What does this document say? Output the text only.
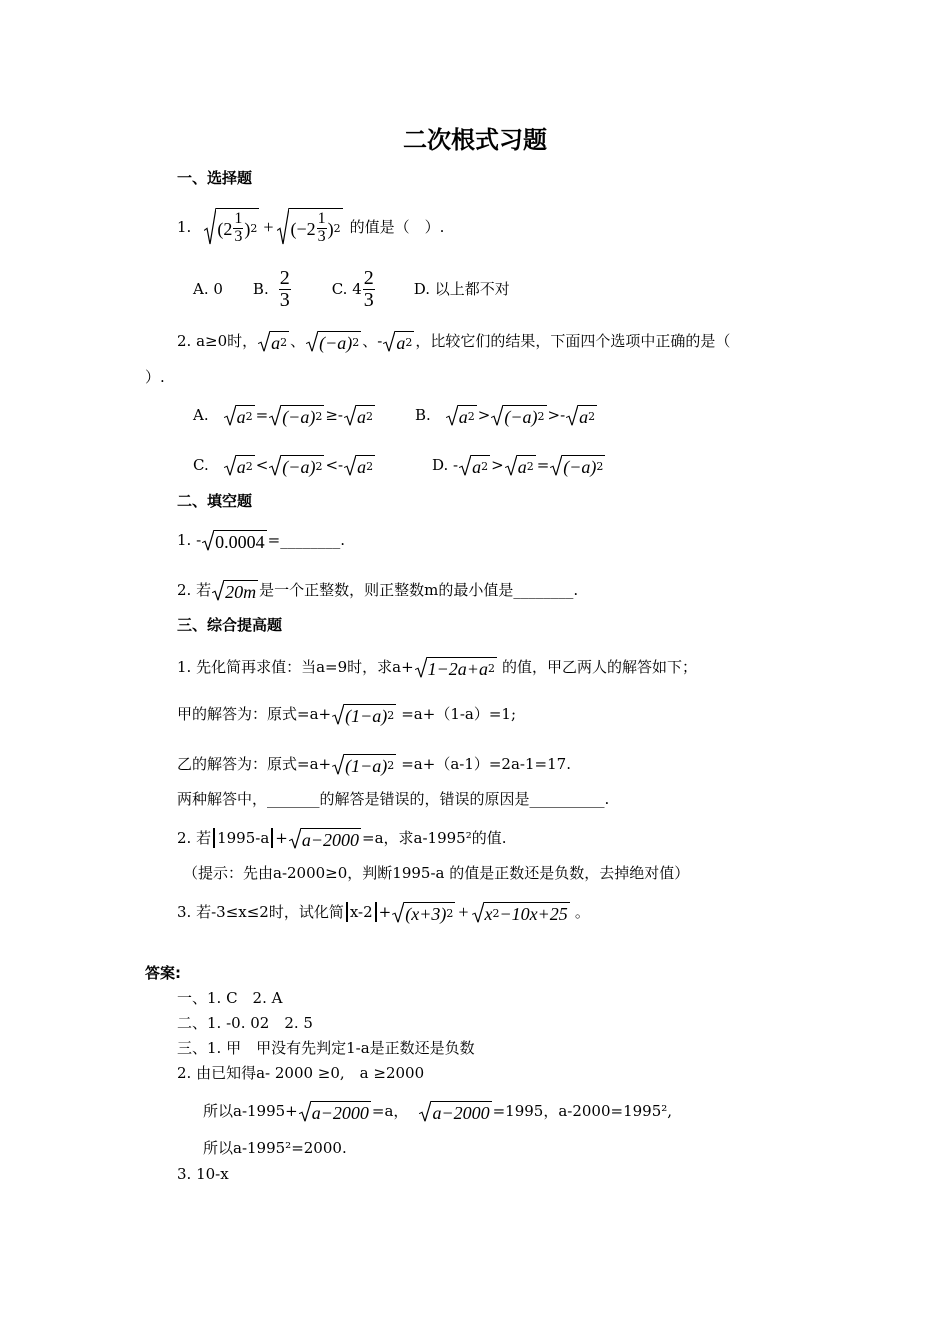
二次根式习题
一、选择题
1. ( $2 \frac{1}{3}$ ) 2 + ( $-2 \frac{1}{3}$ ) 2 的值是（　）.
A. 0 B. $\frac{2}{3}$	C. $4 \frac{2}{3}$	D. 以上都不对
2. a≥0时， a 2 、 (−a) 2 、- a 2 ，比较它们的结果，下面四个选项中正确的是（
）.
A. a 2 = (−a) 2 ≥- a 2	B. a 2 > (−a) 2 >- a 2
C. a 2 < (−a) 2 <- a 2	D. - a 2 > a 2 = (−a) 2
二、填空题
1. - 0.0004 =________.
2. 若 20m 是一个正整数，则正整数m的最小值是________.
三、综合提高题
1. 先化简再求值：当a=9时，求a+ 1−2a+a 2 的值，甲乙两人的解答如下；
甲的解答为：原式=a+ (1−a) 2 =a+（1-a）=1;
乙的解答为：原式=a+ (1−a) 2 =a+（a-1）=2a-1=17.
两种解答中，_______的解答是错误的，错误的原因是__________.
2. 若 1995-a + a−2000 =a，求a-1995²的值.
（提示：先由a-2000≥0，判断1995-a 的值是正数还是负数，去掉绝对值）
3. 若-3≤x≤2时，试化简 x-2 + (x+3) 2 + x 2 −10x+25 。
答案:
一、1. C　2. A
二、1. -0. 02　2. 5
三、1. 甲　甲没有先判定1-a是正数还是负数
2. 由已知得a- 2000 ≥0,　a ≥2000
所以a-1995+ a−2000 =a， a−2000 =1995，a-2000=1995²,
所以a-1995²=2000.
3. 10-x
